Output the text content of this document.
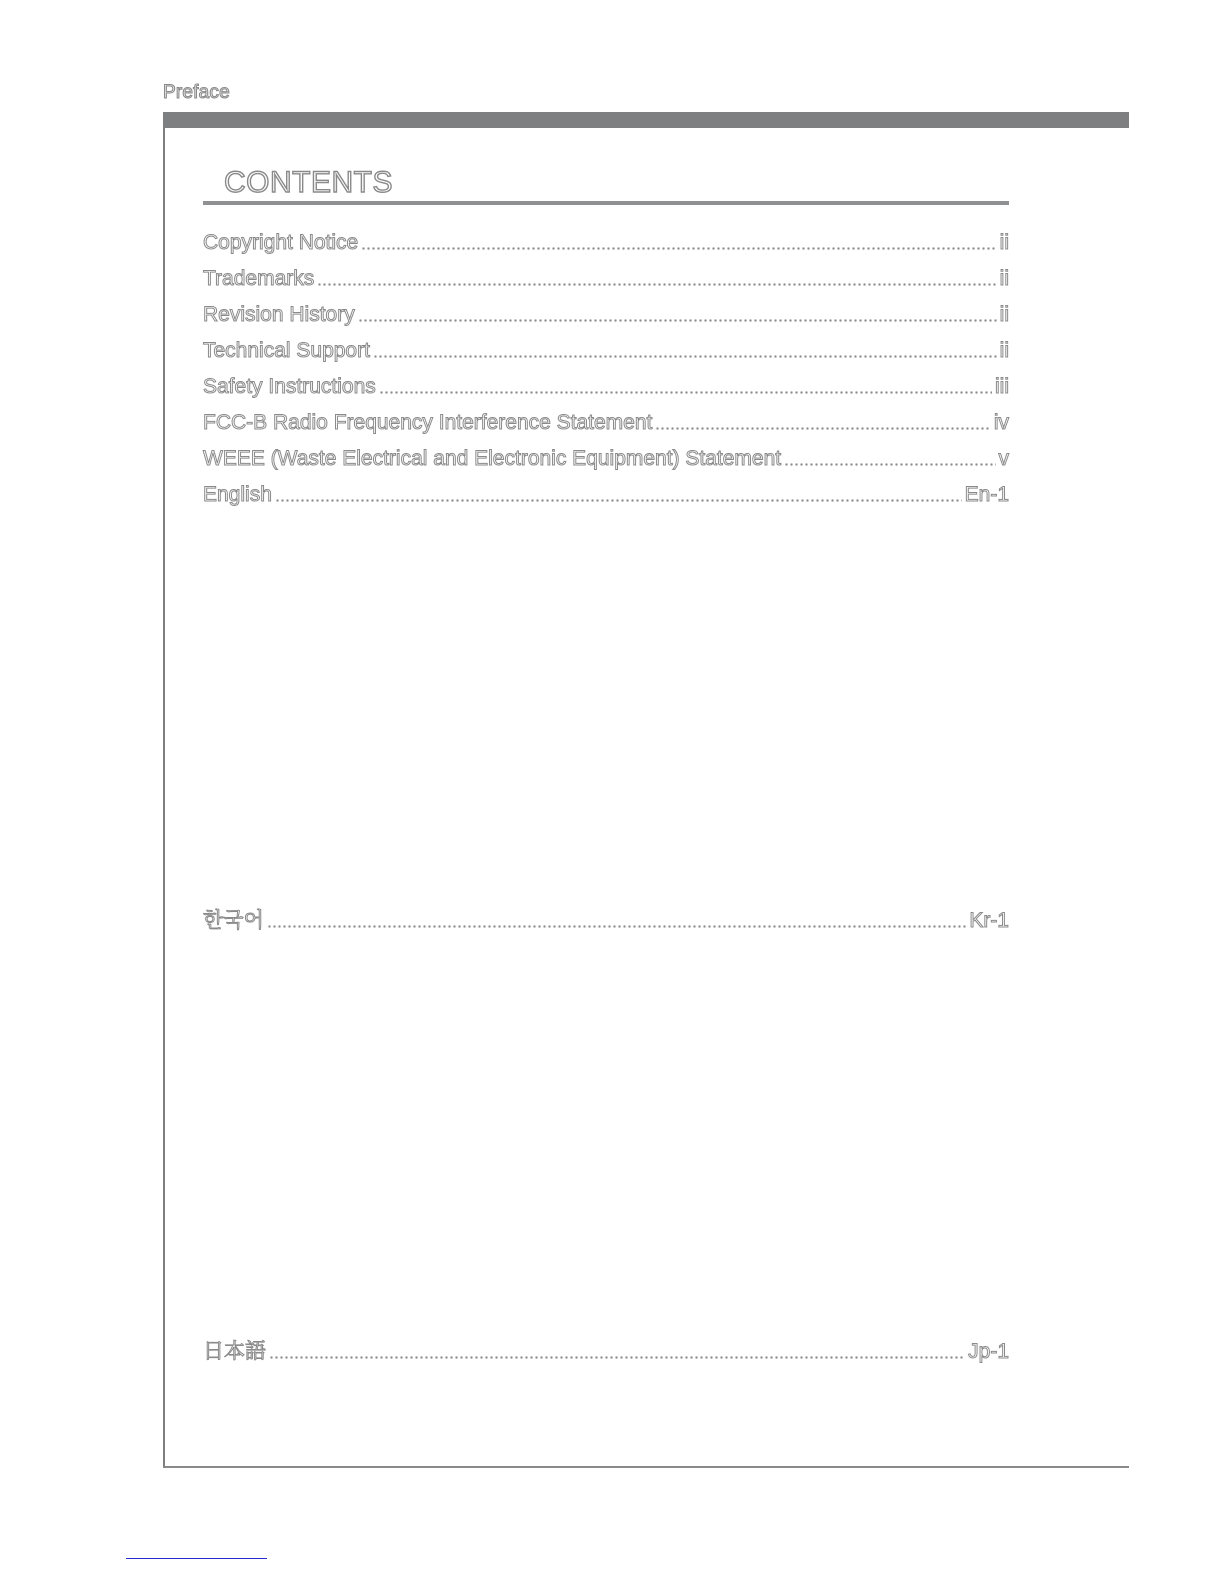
Preface
CONTENTS
Copyright Notice	ii
Trademarks	ii
Revision History	ii
Technical Support	ii
Safety Instructions	iii
FCC-B Radio Frequency Interference Statement	iv
WEEE (Waste Electrical and Electronic Equipment) Statement	v
English	En-1
한국어	Kr-1
日本語	Jp-1
